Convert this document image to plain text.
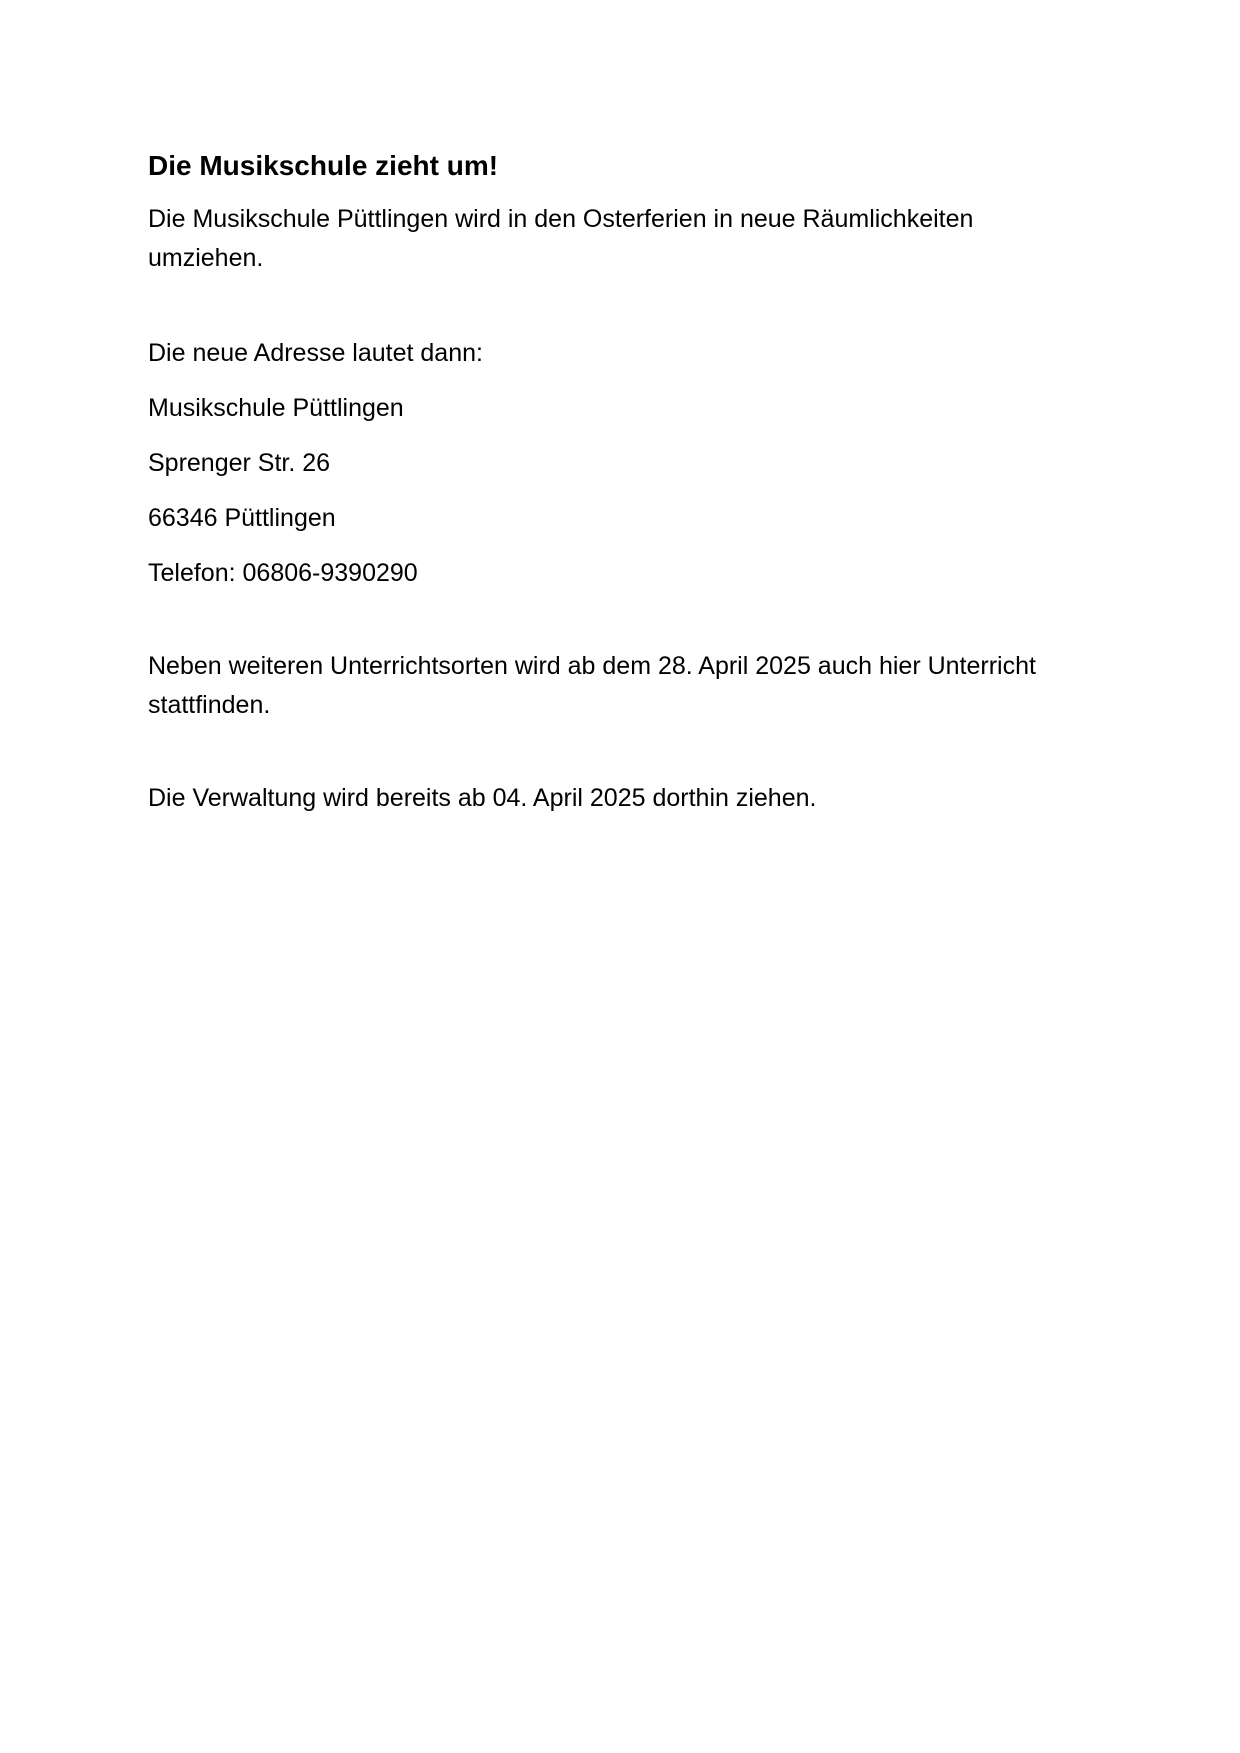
Die Musikschule zieht um!

Die Musikschule Püttlingen wird in den Osterferien in neue Räumlichkeiten umziehen.

Die neue Adresse lautet dann:

Musikschule Püttlingen

Sprenger Str. 26

66346 Püttlingen

Telefon: 06806-9390290

Neben weiteren Unterrichtsorten wird ab dem 28. April 2025 auch hier Unterricht stattfinden.

Die Verwaltung wird bereits ab 04. April 2025 dorthin ziehen.
